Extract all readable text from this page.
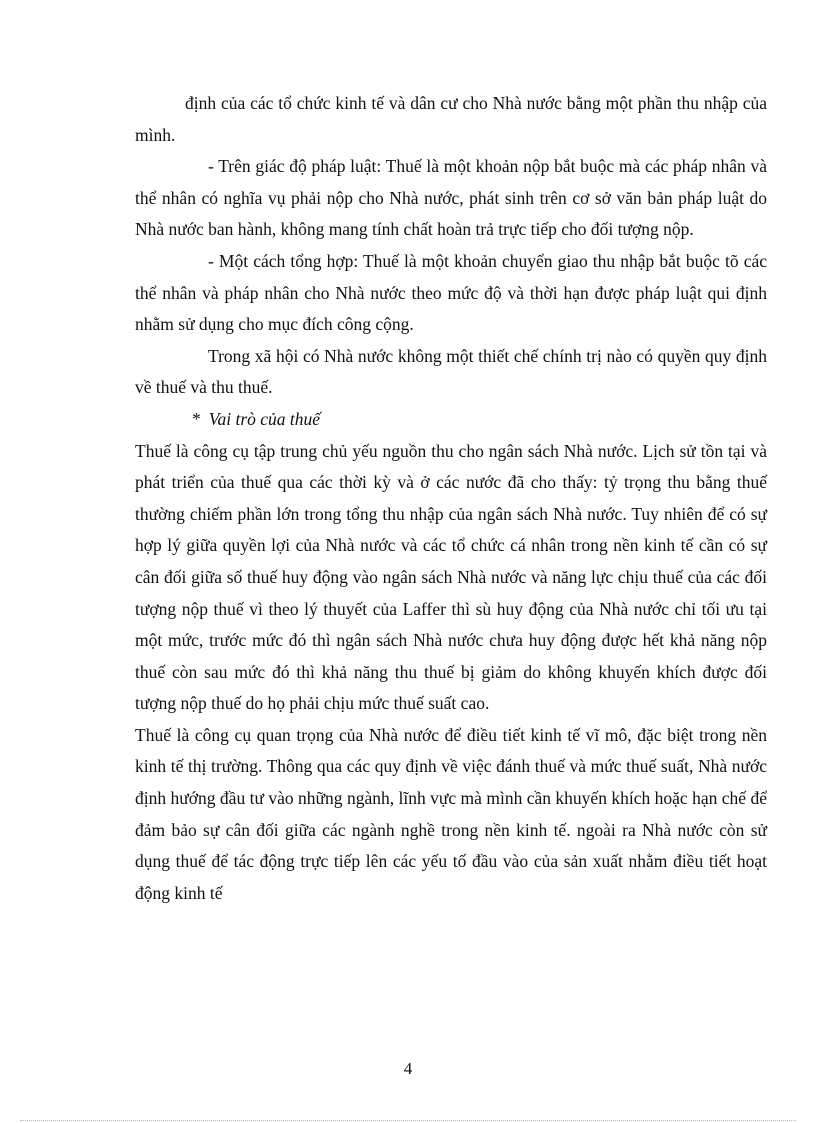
định của các tổ chức kinh tế và dân cư cho Nhà nước bằng một phần thu nhập của mình.

- Trên giác độ pháp luật: Thuế là một khoản nộp bắt buộc mà các pháp nhân và thể nhân có nghĩa vụ phải nộp cho Nhà nước, phát sinh trên cơ sở văn bản pháp luật do Nhà nước ban hành, không mang tính chất hoàn trả trực tiếp cho đối tượng nộp.

- Một cách tổng hợp: Thuế là một khoản chuyển giao thu nhập bắt buộc tõ các thể nhân và pháp nhân cho Nhà nước theo mức độ và thời hạn được pháp luật qui định nhằm sử dụng cho mục đích công cộng.

Trong xã hội có Nhà nước không một thiết chế chính trị nào có quyền quy định về thuế và thu thuế.

* Vai trò của thuế

Thuế là công cụ tập trung chủ yếu nguồn thu cho ngân sách Nhà nước. Lịch sử tồn tại và phát triển của thuế qua các thời kỳ và ở các nước đã cho thấy: tỷ trọng thu bằng thuế thường chiếm phần lớn trong tổng thu nhập của ngân sách Nhà nước. Tuy nhiên để có sự hợp lý giữa quyền lợi của Nhà nước và các tổ chức cá nhân trong nền kinh tế cần có sự cân đối giữa số thuế huy động vào ngân sách Nhà nước và năng lực chịu thuế của các đối tượng nộp thuế vì theo lý thuyết của Laffer thì sù huy động của Nhà nước chỉ tối ưu tại một mức, trước mức đó thì ngân sách Nhà nước chưa huy động được hết khả năng nộp thuế còn sau mức đó thì khả năng thu thuế bị giảm do không khuyến khích được đối tượng nộp thuế do họ phải chịu mức thuế suất cao.

Thuế là công cụ quan trọng của Nhà nước để điều tiết kinh tế vĩ mô, đặc biệt trong nền kinh tế thị trường. Thông qua các quy định về việc đánh thuế và mức thuế suất, Nhà nước định hướng đầu tư vào những ngành, lĩnh vực mà mình cần khuyến khích hoặc hạn chế để đảm bảo sự cân đối giữa các ngành nghề trong nền kinh tế. ngoài ra Nhà nước còn sử dụng thuế để tác động trực tiếp lên các yếu tố đầu vào của sản xuất nhằm điều tiết hoạt động kinh tế

4
